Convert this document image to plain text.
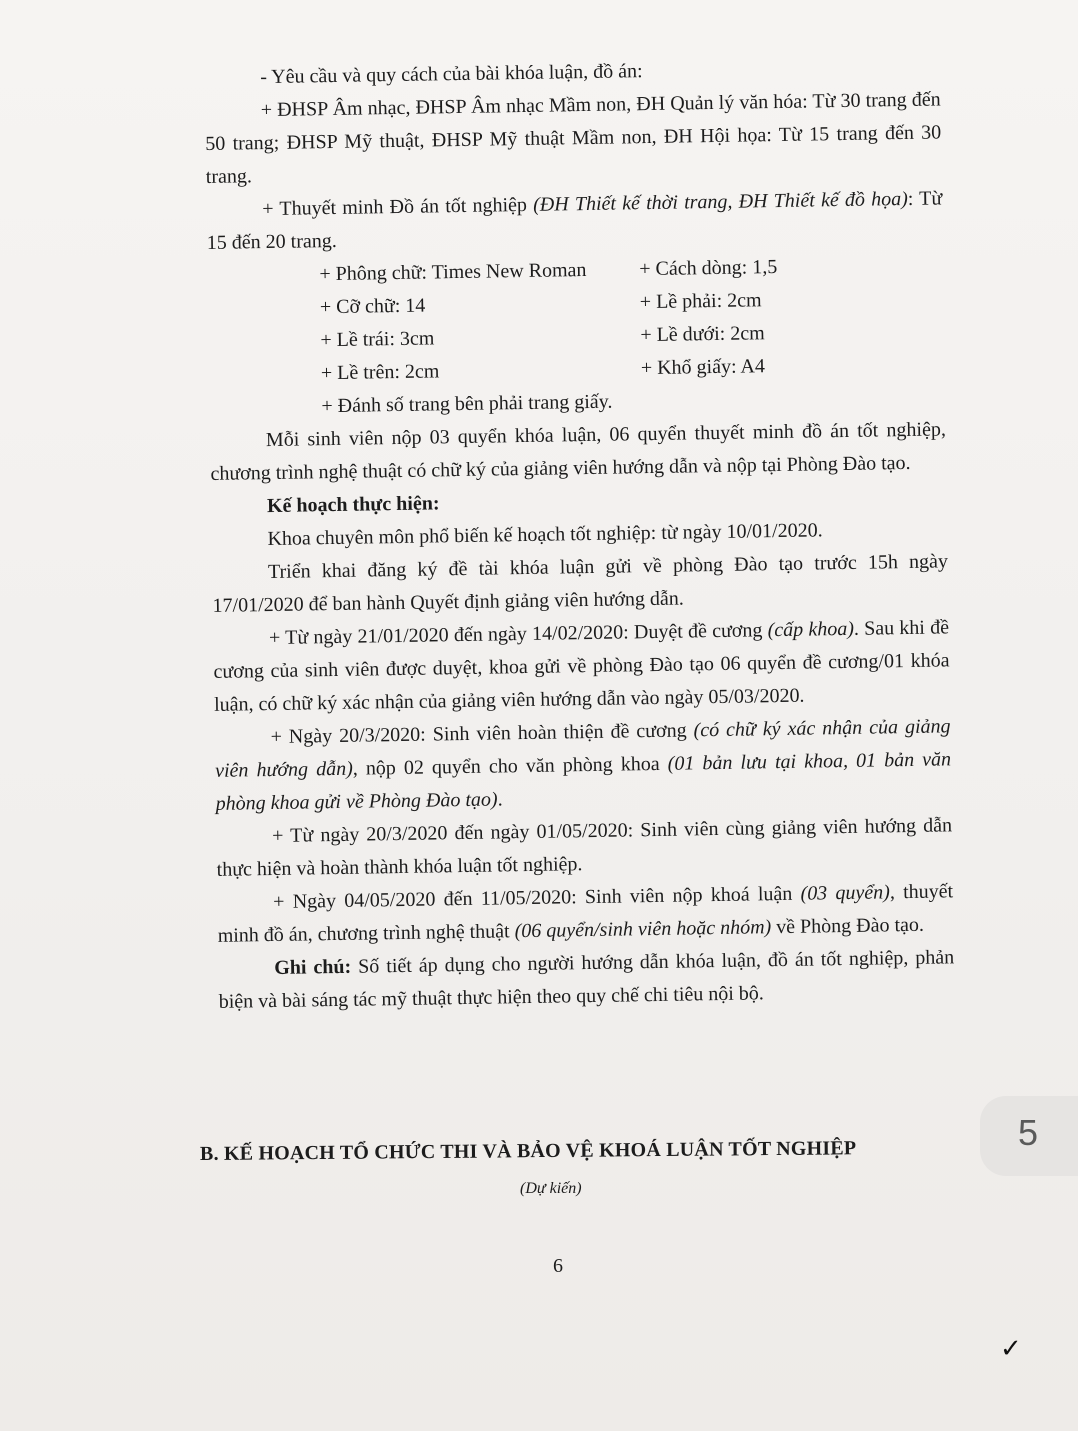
- Yêu cầu và quy cách của bài khóa luận, đồ án:

+ ĐHSP Âm nhạc, ĐHSP Âm nhạc Mầm non, ĐH Quản lý văn hóa: Từ 30 trang đến 50 trang; ĐHSP Mỹ thuật, ĐHSP Mỹ thuật Mầm non, ĐH Hội họa: Từ 15 trang đến 30 trang.

+ Thuyết minh Đồ án tốt nghiệp (ĐH Thiết kế thời trang, ĐH Thiết kế đồ họa): Từ 15 đến 20 trang.

+ Phông chữ: Times New Roman	+ Cách dòng: 1,5
+ Cỡ chữ: 14	+ Lề phải: 2cm
+ Lề trái: 3cm	+ Lề dưới: 2cm
+ Lề trên: 2cm	+ Khổ giấy: A4
+ Đánh số trang bên phải trang giấy.

Mỗi sinh viên nộp 03 quyển khóa luận, 06 quyển thuyết minh đồ án tốt nghiệp, chương trình nghệ thuật có chữ ký của giảng viên hướng dẫn và nộp tại Phòng Đào tạo.

Kế hoạch thực hiện:

Khoa chuyên môn phổ biến kế hoạch tốt nghiệp: từ ngày 10/01/2020.

Triển khai đăng ký đề tài khóa luận gửi về phòng Đào tạo trước 15h ngày 17/01/2020 để ban hành Quyết định giảng viên hướng dẫn.

+ Từ ngày 21/01/2020 đến ngày 14/02/2020: Duyệt đề cương (cấp khoa). Sau khi đề cương của sinh viên được duyệt, khoa gửi về phòng Đào tạo 06 quyển đề cương/01 khóa luận, có chữ ký xác nhận của giảng viên hướng dẫn vào ngày 05/03/2020.

+ Ngày 20/3/2020: Sinh viên hoàn thiện đề cương (có chữ ký xác nhận của giảng viên hướng dẫn), nộp 02 quyển cho văn phòng khoa (01 bản lưu tại khoa, 01 bản văn phòng khoa gửi về Phòng Đào tạo).

+ Từ ngày 20/3/2020 đến ngày 01/05/2020: Sinh viên cùng giảng viên hướng dẫn thực hiện và hoàn thành khóa luận tốt nghiệp.

+ Ngày 04/05/2020 đến 11/05/2020: Sinh viên nộp khoá luận (03 quyển), thuyết minh đồ án, chương trình nghệ thuật (06 quyển/sinh viên hoặc nhóm) về Phòng Đào tạo.

Ghi chú: Số tiết áp dụng cho người hướng dẫn khóa luận, đồ án tốt nghiệp, phản biện và bài sáng tác mỹ thuật thực hiện theo quy chế chi tiêu nội bộ.

B. KẾ HOẠCH TỔ CHỨC THI VÀ BẢO VỆ KHOÁ LUẬN TỐT NGHIỆP
(Dự kiến)
6
5
✓
